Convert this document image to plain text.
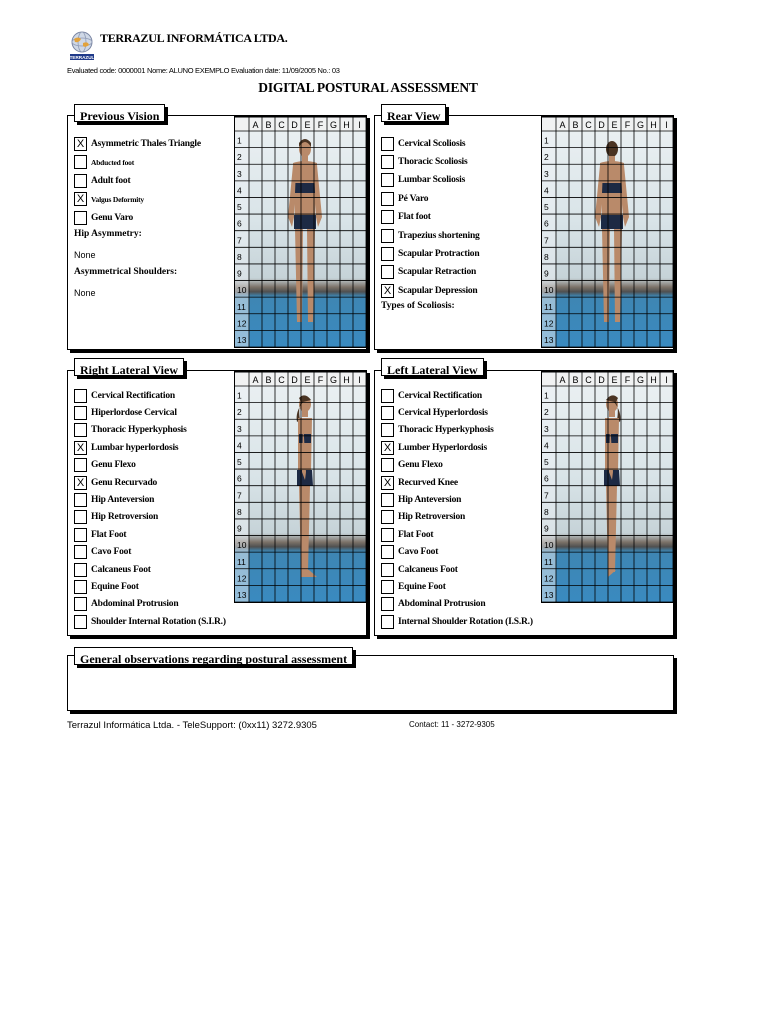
TERRAZUL
TERRAZUL INFORMÁTICA LTDA.
Evaluated code: 0000001 Nome: ALUNO EXEMPLO Evaluation date: 11/09/2005 No.: 03
DIGITAL POSTURAL ASSESSMENT
X Asymmetric Thales Triangle
Abducted foot
Adult foot
X Valgus Deformity
Genu Varo
Hip Asymmetry:
None
Asymmetrical Shoulders:
None
A B C D E F G H I
1
2
3
4
5
6
7
8
9
10
11
12
13
Previous Vision
Cervical Scoliosis
Thoracic Scoliosis
Lumbar Scoliosis
Pé Varo
Flat foot
Trapezius shortening
Scapular Protraction
Scapular Retraction
X Scapular Depression
Types of Scoliosis:
A B C D E F G H I
1
2
3
4
5
6
7
8
9
10
11
12
13
Rear View
Cervical Rectification
Hiperlordose Cervical
Thoracic Hyperkyphosis
X Lumbar hyperlordosis
Genu Flexo
X Genu Recurvado
Hip Anteversion
Hip Retroversion
Flat Foot
Cavo Foot
Calcaneus Foot
Equine Foot
Abdominal Protrusion
Shoulder Internal Rotation (S.I.R.)
A B C D E F G H I
1
2
3
4
5
6
7
8
9
10
11
12
13
Right Lateral View
Cervical Rectification
Cervical Hyperlordosis
Thoracic Hyperkyphosis
X Lumber Hyperlordosis
Genu Flexo
X Recurved Knee
Hip Anteversion
Hip Retroversion
Flat Foot
Cavo Foot
Calcaneus Foot
Equine Foot
Abdominal Protrusion
Internal Shoulder Rotation (I.S.R.)
A B C D E F G H I
1
2
3
4
5
6
7
8
9
10
11
12
13
Left Lateral View
General observations regarding postural assessment
Terrazul Informática Ltda. - TeleSupport: (0xx11) 3272.9305	Contact: 11 - 3272-9305
